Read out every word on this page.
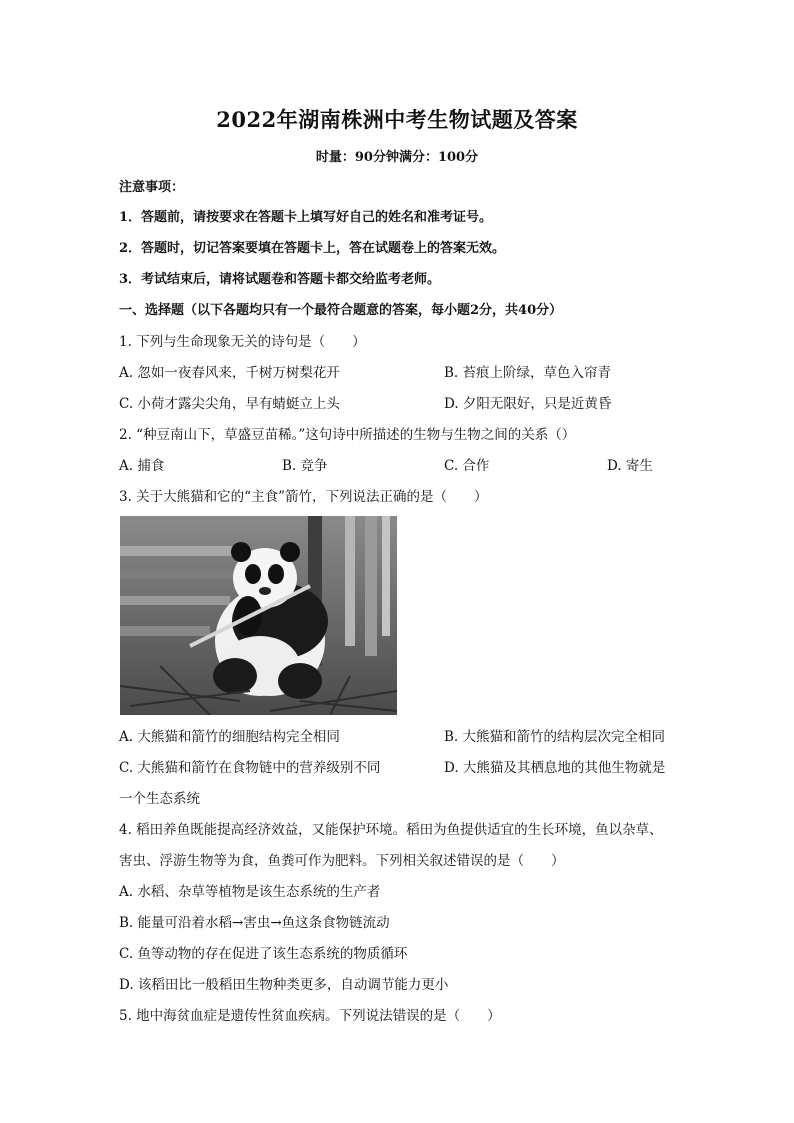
2022年湖南株洲中考生物试题及答案
时量：90分钟满分：100分
注意事项：
1．答题前，请按要求在答题卡上填写好自己的姓名和准考证号。
2．答题时，切记答案要填在答题卡上，答在试题卷上的答案无效。
3．考试结束后，请将试题卷和答题卡都交给监考老师。
一、选择题（以下各题均只有一个最符合题意的答案，每小题2分，共40分）
1. 下列与生命现象无关的诗句是（　　）
A. 忽如一夜春风来，千树万树梨花开	B. 苔痕上阶绿，草色入帘青
C. 小荷才露尖尖角，早有蜻蜓立上头	D. 夕阳无限好，只是近黄昏
2. “种豆南山下，草盛豆苗稀。”这句诗中所描述的生物与生物之间的关系（）
A. 捕食	B. 竞争	C. 合作	D. 寄生
3. 关于大熊猫和它的“主食”箭竹，下列说法正确的是（　　）
A. 大熊猫和箭竹的细胞结构完全相同	B. 大熊猫和箭竹的结构层次完全相同
C. 大熊猫和箭竹在食物链中的营养级别不同	D. 大熊猫及其栖息地的其他生物就是
一个生态系统
4. 稻田养鱼既能提高经济效益，又能保护环境。稻田为鱼提供适宜的生长环境，鱼以杂草、
害虫、浮游生物等为食，鱼粪可作为肥料。下列相关叙述错误的是（　　）
A. 水稻、杂草等植物是该生态系统的生产者
B. 能量可沿着水稻→害虫→鱼这条食物链流动
C. 鱼等动物的存在促进了该生态系统的物质循环
D. 该稻田比一般稻田生物种类更多，自动调节能力更小
5. 地中海贫血症是遗传性贫血疾病。下列说法错误的是（　　）
